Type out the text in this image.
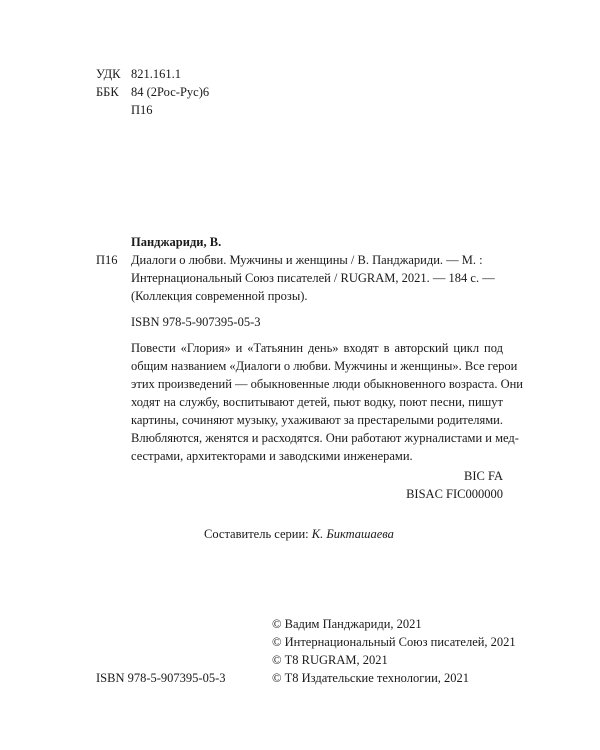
УДК 821.161.1
ББК 84 (2Рос-Рус)6
П16
Панджариди, В.
П16 Диалоги о любви. Мужчины и женщины / В. Панджариди. — М. :
Интернациональный Союз писателей / RUGRAM, 2021. — 184 с. —
(Коллекция современной прозы).
ISBN 978-5-907395-05-3
Повести «Глория» и «Татьянин день» входят в авторский цикл под
общим названием «Диалоги о любви. Мужчины и женщины». Все герои
этих произведений — обыкновенные люди обыкновенного возраста. Они
ходят на службу, воспитывают детей, пьют водку, поют песни, пишут
картины, сочиняют музыку, ухаживают за престарелыми родителями.
Влюбляются, женятся и расходятся. Они работают журналистами и мед-
сестрами, архитекторами и заводскими инженерами.
BIC FA
BISAC FIC000000
Составитель серии: К. Бикташаева
ISBN 978-5-907395-05-3
© Вадим Панджариди, 2021
© Интернациональный Союз писателей, 2021
© Т8 RUGRAM, 2021
© Т8 Издательские технологии, 2021
